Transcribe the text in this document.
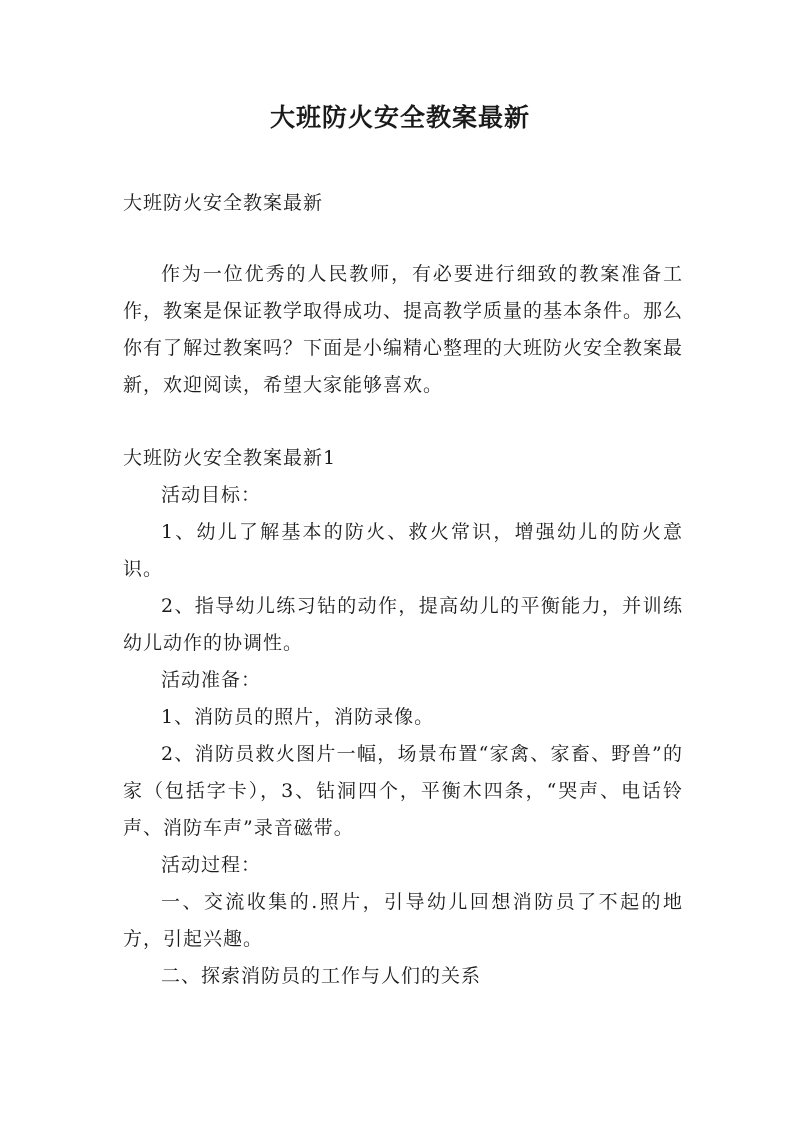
大班防火安全教案最新

大班防火安全教案最新

作为一位优秀的人民教师，有必要进行细致的教案准备工作，教案是保证教学取得成功、提高教学质量的基本条件。那么你有了解过教案吗？下面是小编精心整理的大班防火安全教案最新，欢迎阅读，希望大家能够喜欢。

大班防火安全教案最新1

活动目标：

1、幼儿了解基本的防火、救火常识，增强幼儿的防火意识。

2、指导幼儿练习钻的动作，提高幼儿的平衡能力，并训练幼儿动作的协调性。

活动准备：

1、消防员的照片，消防录像。

2、消防员救火图片一幅，场景布置“家禽、家畜、野兽”的家（包括字卡），3、钻洞四个，平衡木四条，“哭声、电话铃声、消防车声”录音磁带。

活动过程：

一、交流收集的.照片，引导幼儿回想消防员了不起的地方，引起兴趣。

二、探索消防员的工作与人们的关系
